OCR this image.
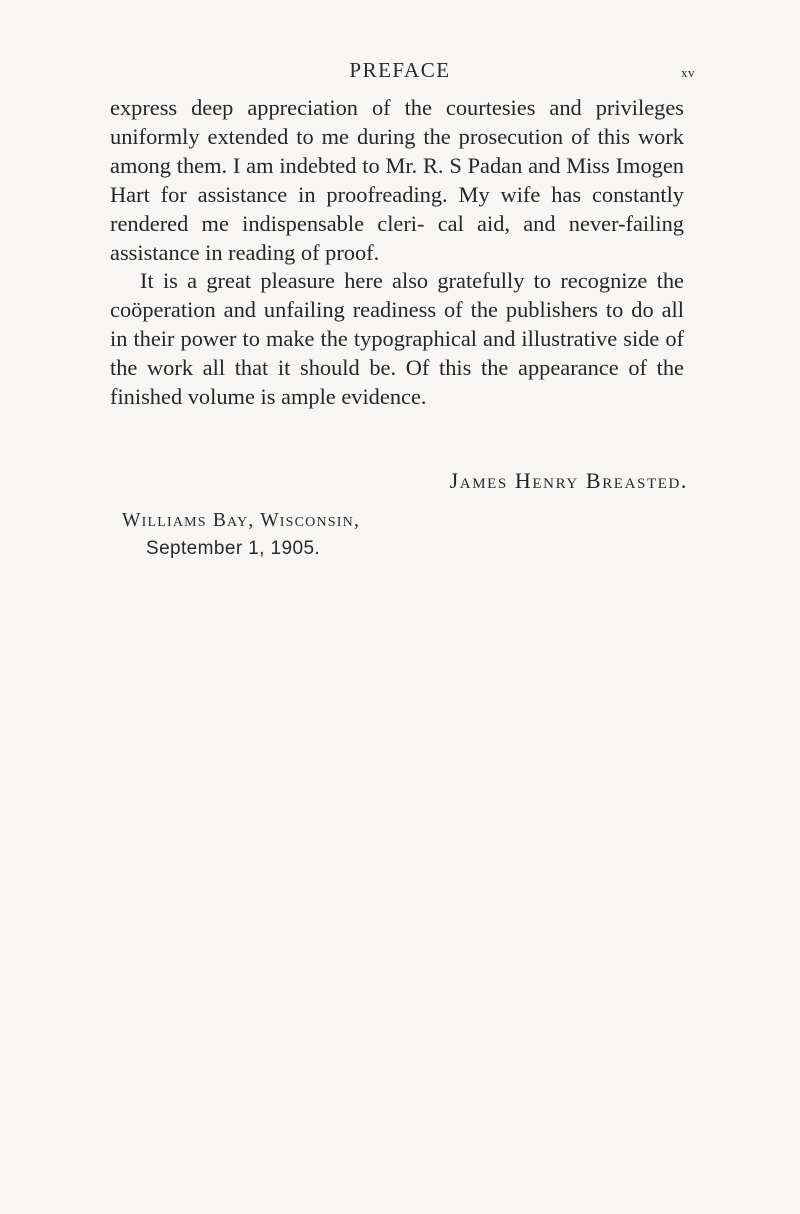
PREFACE	xv

express deep appreciation of the courtesies and privileges uniformly extended to me during the prosecution of this work among them. I am indebted to Mr. R. S Padan and Miss Imogen Hart for assistance in proofreading. My wife has constantly rendered me indispensable cleri- cal aid, and never-failing assistance in reading of proof.

It is a great pleasure here also gratefully to recognize the coöperation and unfailing readiness of the publishers to do all in their power to make the typographical and illustrative side of the work all that it should be. Of this the appearance of the finished volume is ample evidence.

James Henry Breasted.
Williams Bay, Wisconsin,
September 1, 1905.
